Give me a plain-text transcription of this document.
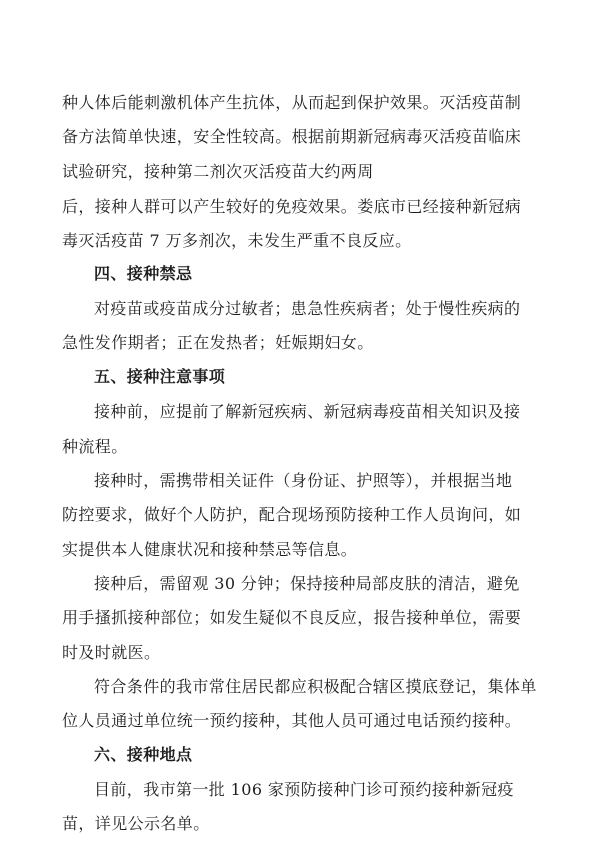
种人体后能刺激机体产生抗体，从而起到保护效果。灭活疫苗制
备方法简单快速，安全性较高。根据前期新冠病毒灭活疫苗临床
试验研究，接种第二剂次灭活疫苗大约两周
后，接种人群可以产生较好的免疫效果。娄底市已经接种新冠病
毒灭活疫苗 7 万多剂次，未发生严重不良反应。
四、接种禁忌
对疫苗或疫苗成分过敏者；患急性疾病者；处于慢性疾病的
急性发作期者；正在发热者；妊娠期妇女。
五、接种注意事项
接种前，应提前了解新冠疾病、新冠病毒疫苗相关知识及接
种流程。
接种时，需携带相关证件（身份证、护照等），并根据当地
防控要求，做好个人防护，配合现场预防接种工作人员询问，如
实提供本人健康状况和接种禁忌等信息。
接种后，需留观 30 分钟；保持接种局部皮肤的清洁，避免
用手搔抓接种部位；如发生疑似不良反应，报告接种单位，需要
时及时就医。
符合条件的我市常住居民都应积极配合辖区摸底登记，集体单
位人员通过单位统一预约接种，其他人员可通过电话预约接种。
六、接种地点
目前，我市第一批 106 家预防接种门诊可预约接种新冠疫
苗，详见公示名单。
